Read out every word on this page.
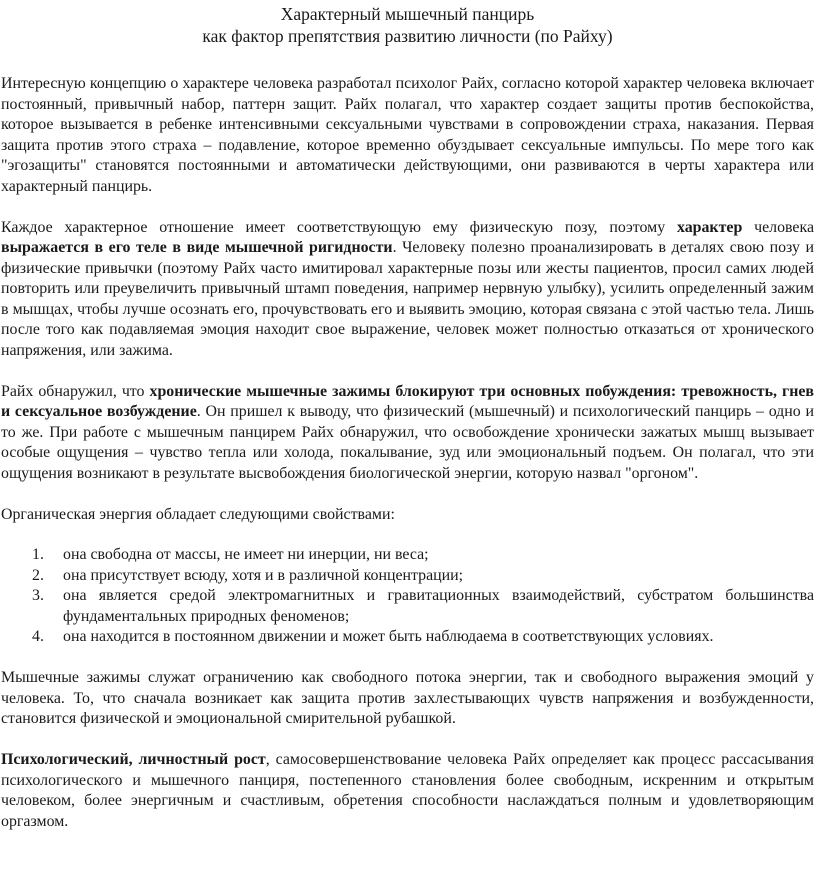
Характерный мышечный панцирь
как фактор препятствия развитию личности (по Райху)

Интересную концепцию о характере человека разработал психолог Райх, согласно которой характер человека включает постоянный, привычный набор, паттерн защит. Райх полагал, что характер создает защиты против беспокойства, которое вызывается в ребенке интенсивными сексуальными чувствами в сопровождении страха, наказания. Первая защита против этого страха – подавление, которое временно обуздывает сексуальные импульсы. По мере того как "эгозащиты" становятся постоянными и автоматически действующими, они развиваются в черты характера или характерный панцирь.

Каждое характерное отношение имеет соответствующую ему физическую позу, поэтому характер человека выражается в его теле в виде мышечной ригидности. Человеку полезно проанализировать в деталях свою позу и физические привычки (поэтому Райх часто имитировал характерные позы или жесты пациентов, просил самих людей повторить или преувеличить привычный штамп поведения, например нервную улыбку), усилить определенный зажим в мышцах, чтобы лучше осознать его, прочувствовать его и выявить эмоцию, которая связана с этой частью тела. Лишь после того как подавляемая эмоция находит свое выражение, человек может полностью отказаться от хронического напряжения, или зажима.

Райх обнаружил, что хронические мышечные зажимы блокируют три основных побуждения: тревожность, гнев и сексуальное возбуждение. Он пришел к выводу, что физический (мышечный) и психологический панцирь – одно и то же. При работе с мышечным панцирем Райх обнаружил, что освобождение хронически зажатых мышц вызывает особые ощущения – чувство тепла или холода, покалывание, зуд или эмоциональный подъем. Он полагал, что эти ощущения возникают в результате высвобождения биологической энергии, которую назвал "оргоном".

Органическая энергия обладает следующими свойствами:

1. она свободна от массы, не имеет ни инерции, ни веса;
2. она присутствует всюду, хотя и в различной концентрации;
3. она является средой электромагнитных и гравитационных взаимодействий, субстратом большинства фундаментальных природных феноменов;
4. она находится в постоянном движении и может быть наблюдаема в соответствующих условиях.

Мышечные зажимы служат ограничению как свободного потока энергии, так и свободного выражения эмоций у человека. То, что сначала возникает как защита против захлестывающих чувств напряжения и возбужденности, становится физической и эмоциональной смирительной рубашкой.

Психологический, личностный рост, самосовершенствование человека Райх определяет как процесс рассасывания психологического и мышечного панциря, постепенного становления более свободным, искренним и открытым человеком, более энергичным и счастливым, обретения способности наслаждаться полным и удовлетворяющим оргазмом.
